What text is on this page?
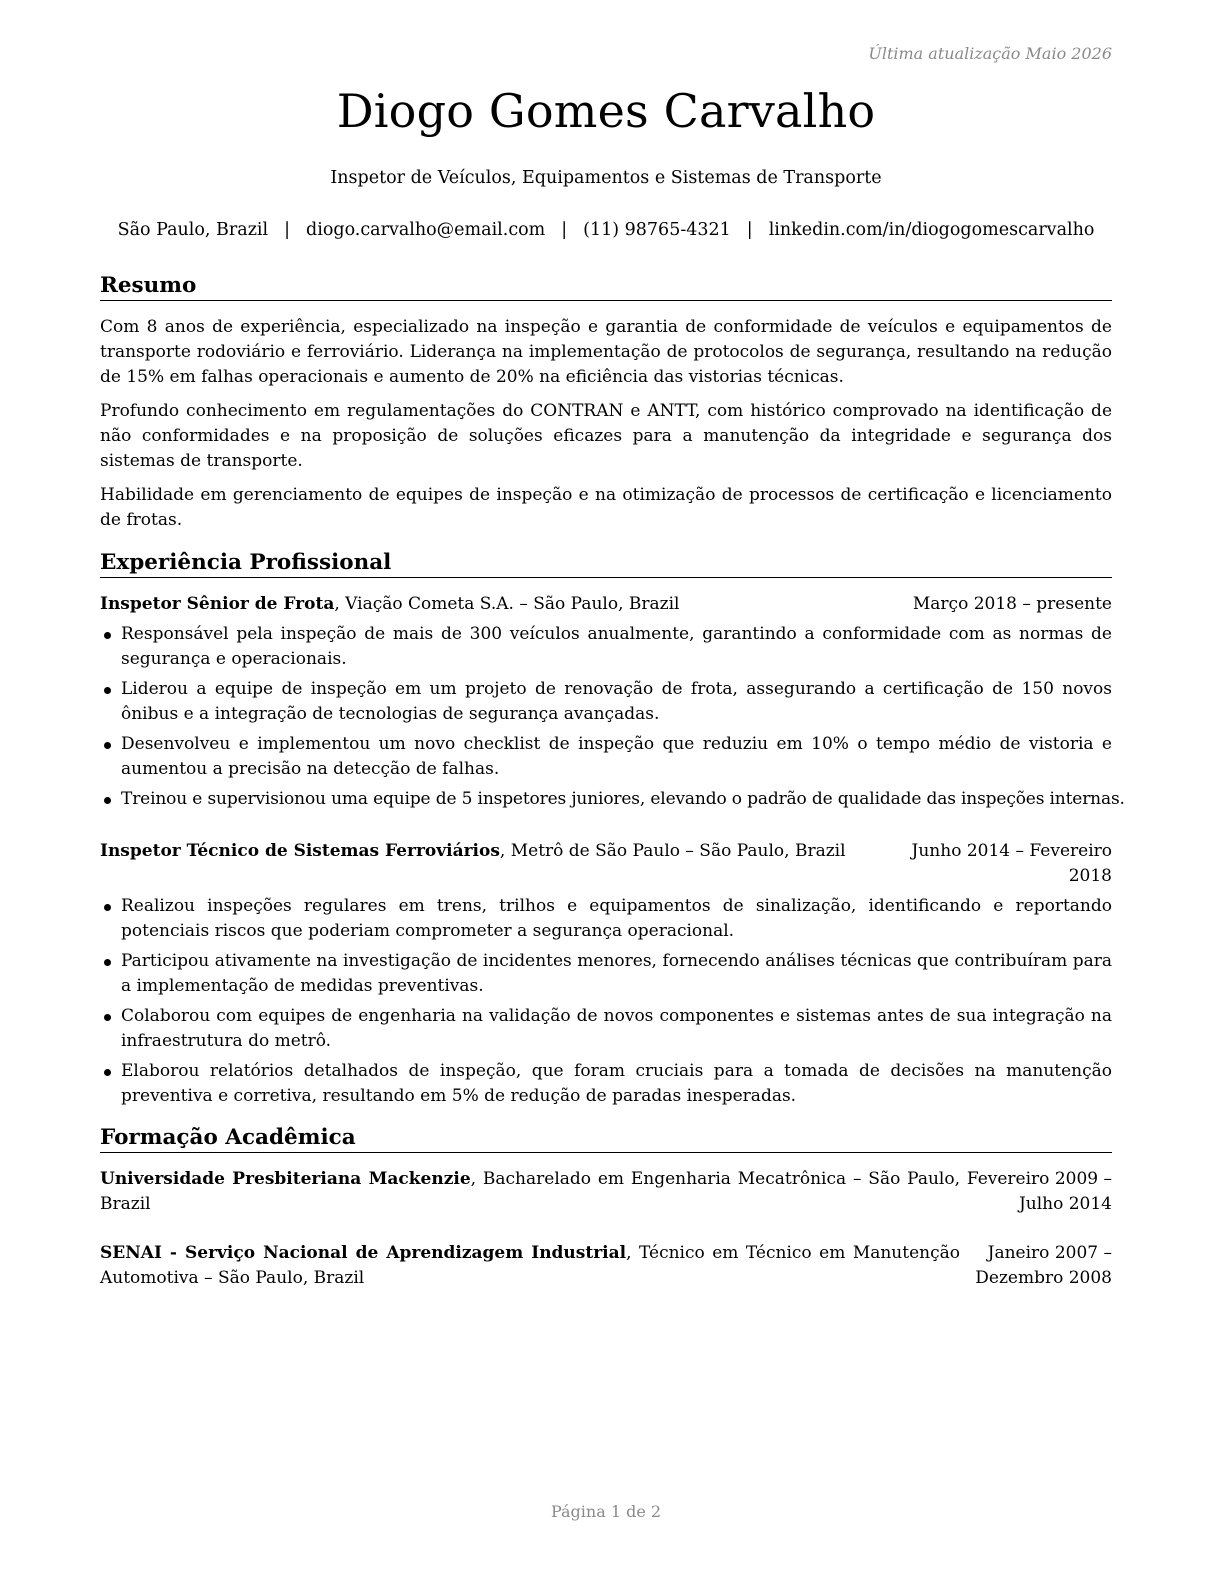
Última atualização Maio 2026
Diogo Gomes Carvalho
Inspetor de Veículos, Equipamentos e Sistemas de Transporte
São Paulo, Brazil | diogo.carvalho@email.com | (11) 98765-4321 | linkedin.com/in/diogogomescarvalho
Resumo

Com 8 anos de experiência, especializado na inspeção e garantia de conformidade de veículos e equipamentos de transporte rodoviário e ferroviário. Liderança na implementação de protocolos de segurança, resultando na redução de 15% em falhas operacionais e aumento de 20% na eficiência das vistorias técnicas.

Profundo conhecimento em regulamentações do CONTRAN e ANTT, com histórico comprovado na identificação de não conformidades e na proposição de soluções eficazes para a manutenção da integridade e segurança dos sistemas de transporte.

Habilidade em gerenciamento de equipes de inspeção e na otimização de processos de certificação e licenciamento de frotas.

Experiência Profissional
Inspetor Sênior de Frota, Viação Cometa S.A. – São Paulo, Brazil	Março 2018 – presente
Responsável pela inspeção de mais de 300 veículos anualmente, garantindo a conformidade com as normas de segurança e operacionais.
Liderou a equipe de inspeção em um projeto de renovação de frota, assegurando a certificação de 150 novos ônibus e a integração de tecnologias de segurança avançadas.
Desenvolveu e implementou um novo checklist de inspeção que reduziu em 10% o tempo médio de vistoria e aumentou a precisão na detecção de falhas.
Treinou e supervisionou uma equipe de 5 inspetores juniores, elevando o padrão de qualidade das inspeções internas.
Inspetor Técnico de Sistemas Ferroviários, Metrô de São Paulo – São Paulo, Brazil	Junho 2014 – Fevereiro 2018
Realizou inspeções regulares em trens, trilhos e equipamentos de sinalização, identificando e reportando potenciais riscos que poderiam comprometer a segurança operacional.
Participou ativamente na investigação de incidentes menores, fornecendo análises técnicas que contribuíram para a implementação de medidas preventivas.
Colaborou com equipes de engenharia na validação de novos componentes e sistemas antes de sua integração na infraestrutura do metrô.
Elaborou relatórios detalhados de inspeção, que foram cruciais para a tomada de decisões na manutenção preventiva e corretiva, resultando em 5% de redução de paradas inesperadas.
Formação Acadêmica
Universidade Presbiteriana Mackenzie, Bacharelado em Engenharia Mecatrônica – São Paulo, Brazil
Fevereiro 2009 – Julho 2014
SENAI - Serviço Nacional de Aprendizagem Industrial, Técnico em Técnico em Manutenção Automotiva – São Paulo, Brazil
Janeiro 2007 – Dezembro 2008
Página 1 de 2
